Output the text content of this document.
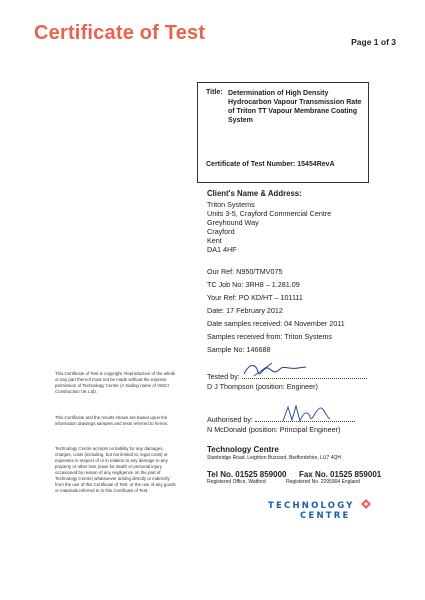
Certificate of Test	Page 1 of 3
Title: Determination of High Density Hydrocarbon Vapour Transmission Rate of Triton TT Vapour Membrane Coating System
Certificate of Test Number: 15454RevA
Client's Name & Address:
Triton Systems
Units 3-5, Crayford Commercial Centre
Greyhound Way
Crayford
Kent
DA1 4HF
Our Ref: N950/TMV075
TC Job No: 3RH8 – 1.281.09
Your Ref: PO KD/HT – 101111
Date: 17 February 2012
Date samples received: 04 November 2011
Samples received from: Triton Systems
Sample No: 146688
Tested by:
D J Thompson (position: Engineer)
Authorised by:
N McDonald (position: Principal Engineer)
Technology Centre
Stanbridge Road, Leighton Buzzard, Bedfordshire, LU7 4QH
Tel No. 01525 859000 Fax No. 01525 859001
Registered Office, Watford	Registered No. 2295904 England
TECHNOLOGY
CENTRE
This Certificate of Test is copyright. Reproduction of the whole or any part thereof must not be made without the express permission of Technology Centre (A trading name of VINCI Construction UK Ltd).
This Certificate and the results shown are based upon the information drawings samples and tests referred to herein.
Technology Centre accepts no liability for any damages, charges, costs (including, but not limited to, legal costs) or expenses in respect of or in relation to any damage to any property or other loss (save for death or personal injury occasioned by reason of any negligence on the part of Technology Centre) whatsoever arising directly or indirectly from the use of this Certificate of Test, or the use of any goods or materials referred to in this Certificate of Test.
